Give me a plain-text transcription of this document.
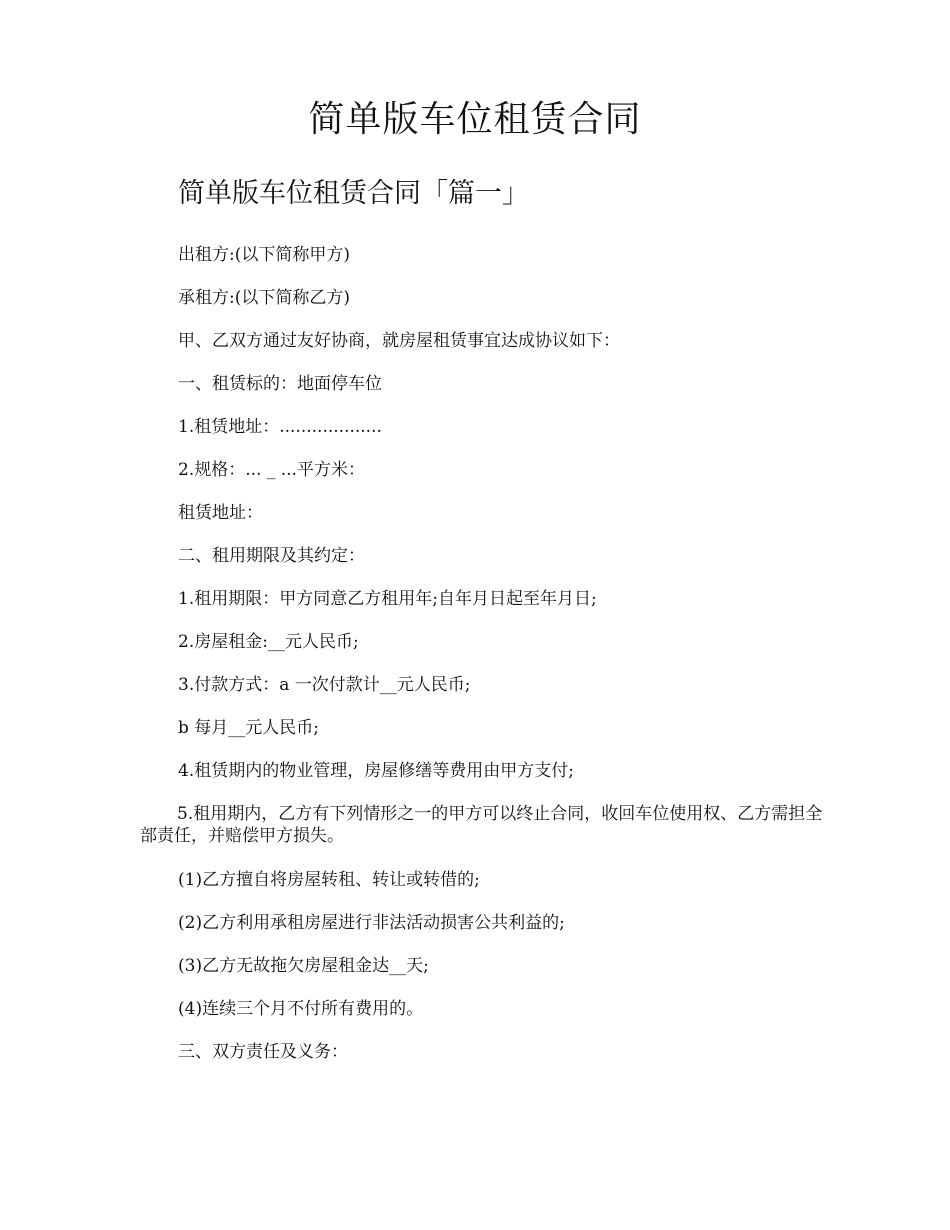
简单版车位租赁合同
简单版车位租赁合同「篇一」

出租方:(以下简称甲方)

承租方:(以下简称乙方)

甲、乙双方通过友好协商，就房屋租赁事宜达成协议如下：

一、租赁标的：地面停车位

1.租赁地址：...................

2.规格：... _ ...平方米：

租赁地址：

二、租用期限及其约定：

1.租用期限：甲方同意乙方租用年;自年月日起至年月日;

2.房屋租金:__元人民币;

3.付款方式：a 一次付款计__元人民币;

b 每月__元人民币;

4.租赁期内的物业管理，房屋修缮等费用由甲方支付;

5.租用期内，乙方有下列情形之一的甲方可以终止合同，收回车位使用权、乙方需担全部责任，并赔偿甲方损失。

(1)乙方擅自将房屋转租、转让或转借的;

(2)乙方利用承租房屋进行非法活动损害公共利益的;

(3)乙方无故拖欠房屋租金达__天;

(4)连续三个月不付所有费用的。

三、双方责任及义务：
